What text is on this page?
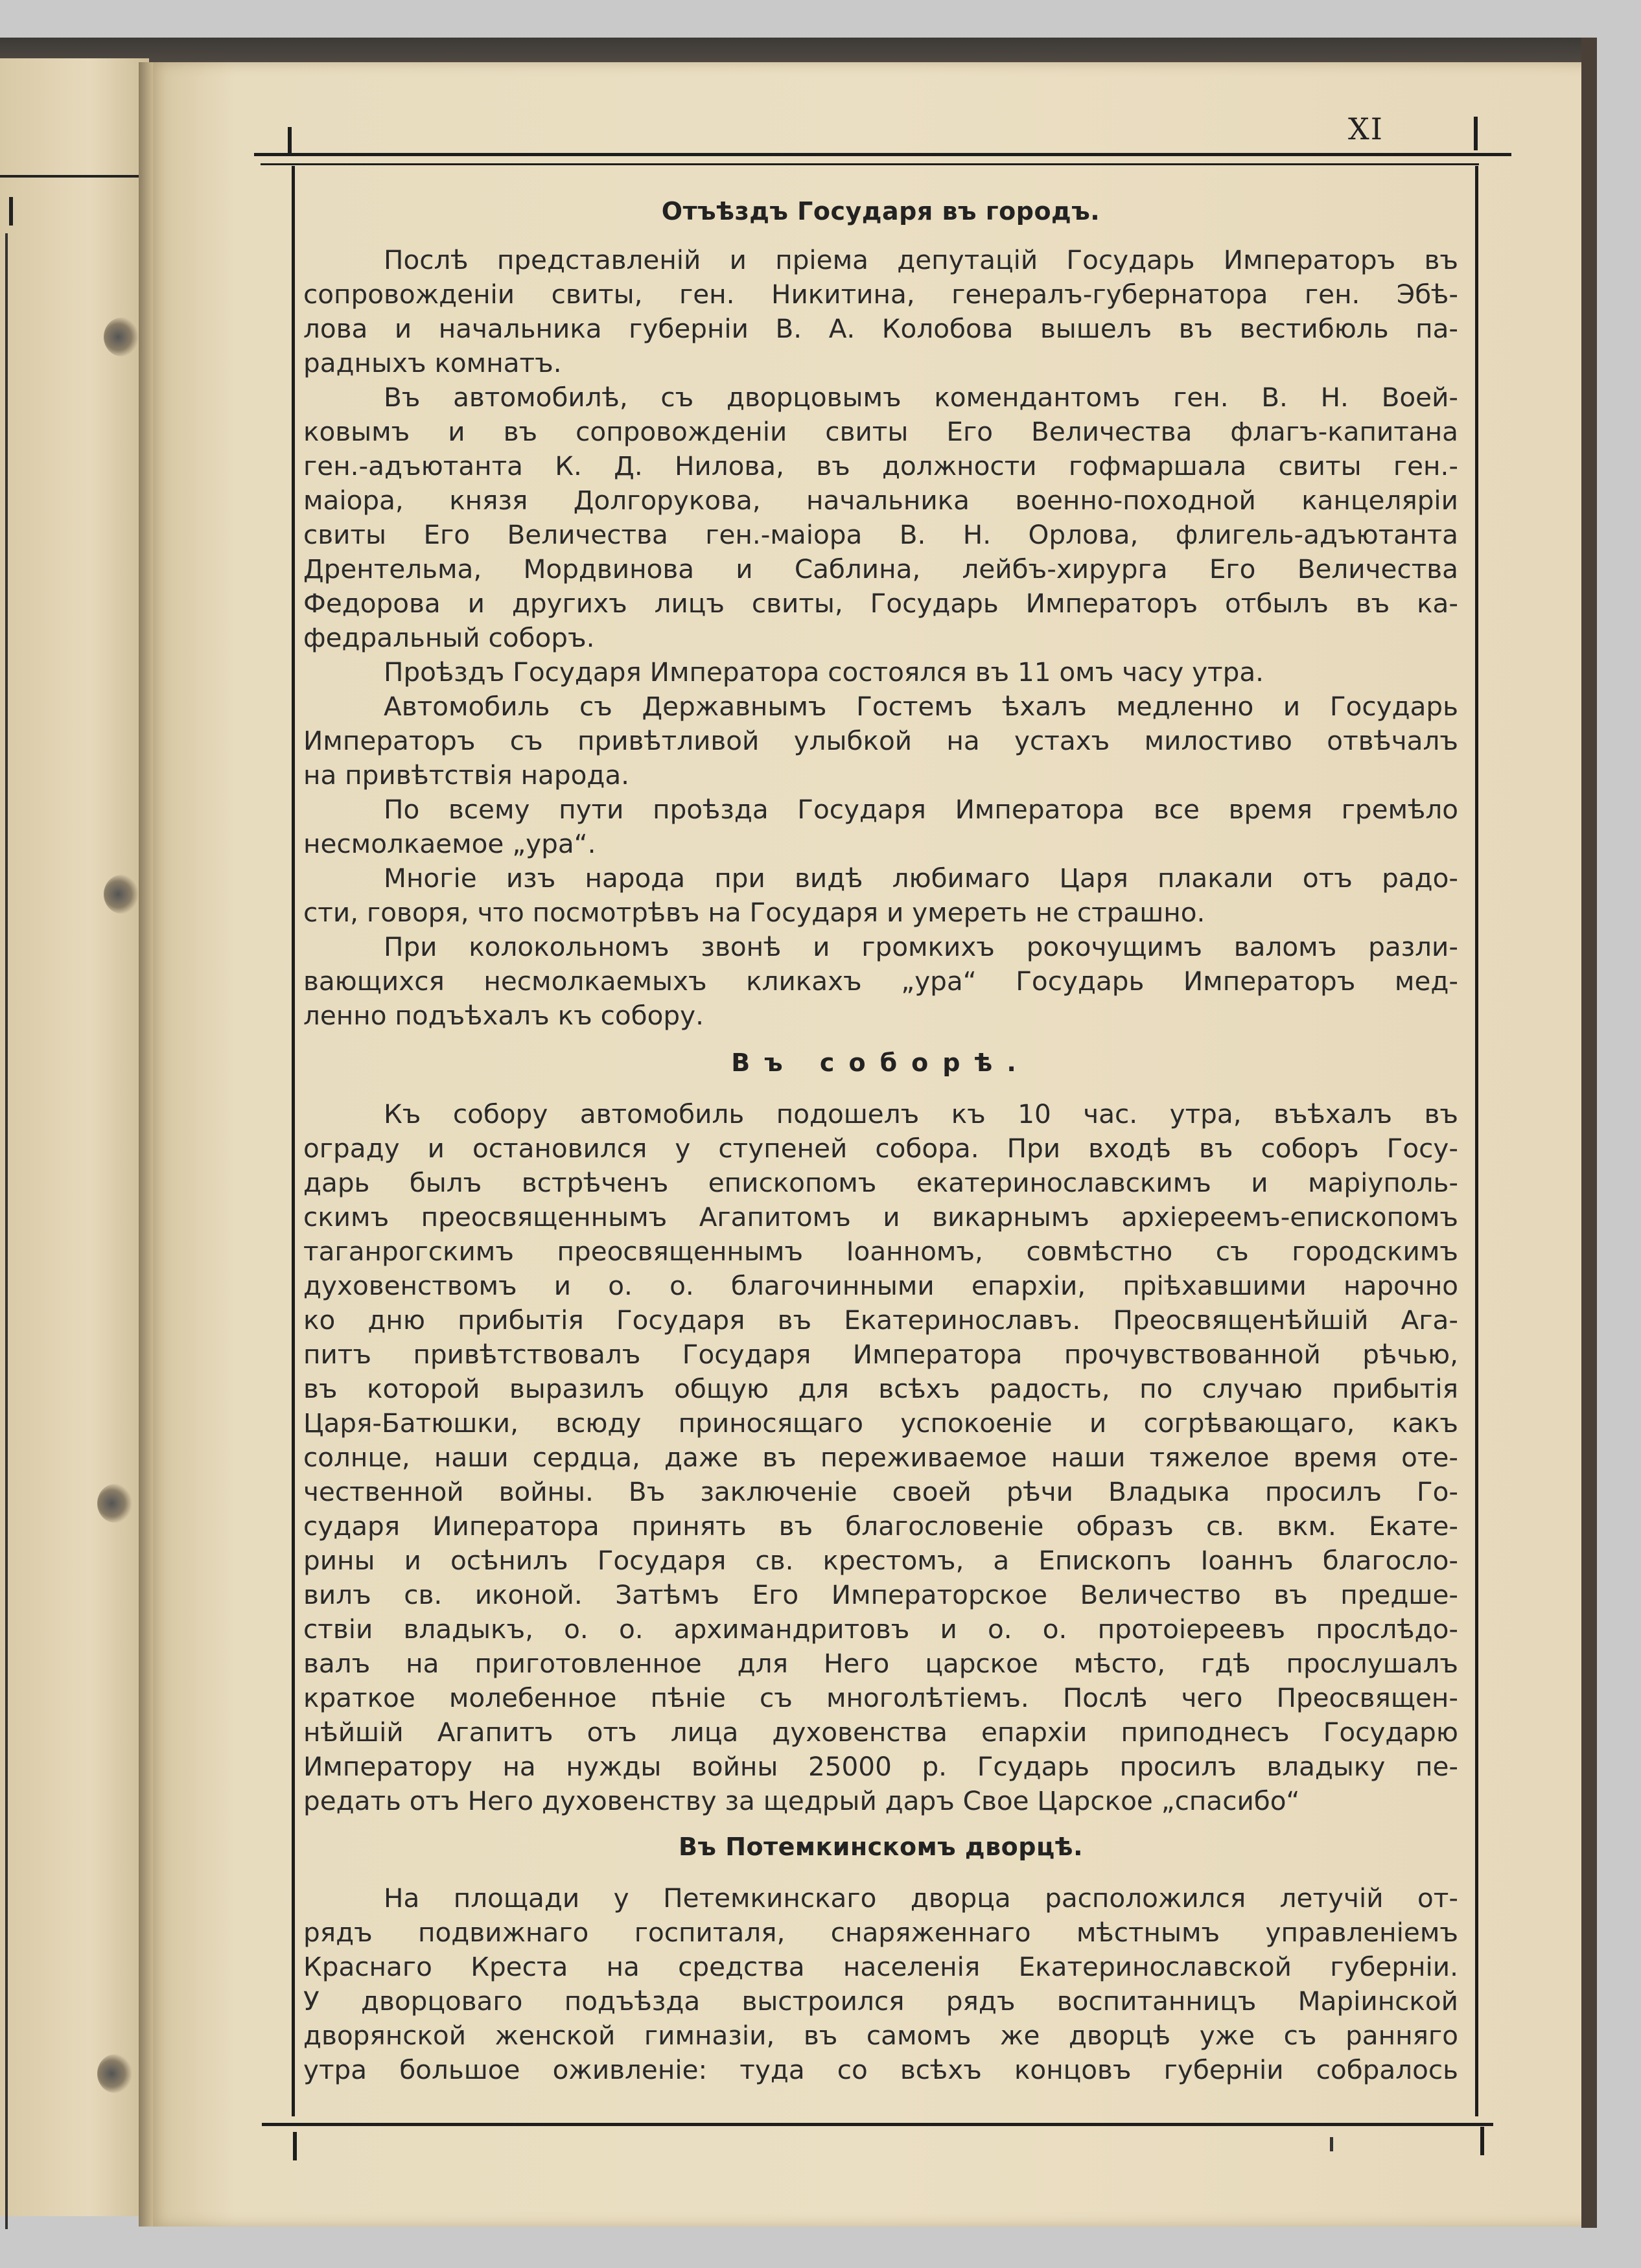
XI
Отъѣздъ Государя въ городъ.

Послѣ представленій и пріема депутацій Государь Императоръ въ
сопровожденіи свиты, ген. Никитина, генералъ-губернатора ген. Эбѣ-
лова и начальника губерніи В. А. Колобова вышелъ въ вестибюль па-
радныхъ комнатъ.

Въ автомобилѣ, съ дворцовымъ комендантомъ ген. В. Н. Воей-
ковымъ и въ сопровожденіи свиты Его Величества флагъ-капитана
ген.-адъютанта К. Д. Нилова, въ должности гофмаршала свиты ген.-
маіора, князя Долгорукова, начальника военно-походной канцеляріи
свиты Его Величества ген.-маіора В. Н. Орлова, флигель-адъютанта
Дрентельма, Мордвинова и Саблина, лейбъ-хирурга Его Величества
Федорова и другихъ лицъ свиты, Государь Императоръ отбылъ въ ка-
федральный соборъ.

Проѣздъ Государя Императора состоялся въ 11 омъ часу утра.

Автомобиль съ Державнымъ Гостемъ ѣхалъ медленно и Государь
Императоръ съ привѣтливой улыбкой на устахъ милостиво отвѣчалъ
на привѣтствія народа.

По всему пути проѣзда Государя Императора все время гремѣло
несмолкаемое „ура“.

Многіе изъ народа при видѣ любимаго Царя плакали отъ радо-
сти, говоря, что посмотрѣвъ на Государя и умереть не страшно.

При колокольномъ звонѣ и громкихъ рокочущимъ валомъ разли-
вающихся несмолкаемыхъ кликахъ „ура“ Государь Императоръ мед-
ленно подъѣхалъ къ собору.

Въ соборѣ.

Къ собору автомобиль подошелъ къ 10 час. утра, въѣхалъ въ
ограду и остановился у ступеней собора. При входѣ въ соборъ Госу-
дарь былъ встрѣченъ епископомъ екатеринославскимъ и маріуполь-
скимъ преосвященнымъ Агапитомъ и викарнымъ архіереемъ-епископомъ
таганрогскимъ преосвященнымъ Іоанномъ, совмѣстно съ городскимъ
духовенствомъ и о. о. благочинными епархіи, пріѣхавшими нарочно
ко дню прибытія Государя въ Екатеринославъ. Преосвященѣйшій Ага-
питъ привѣтствовалъ Государя Императора прочувствованной рѣчью,
въ которой выразилъ общую для всѣхъ радость, по случаю прибытія
Царя-Батюшки, всюду приносящаго успокоеніе и согрѣвающаго, какъ
солнце, наши сердца, даже въ переживаемое наши тяжелое время оте-
чественной войны. Въ заключеніе своей рѣчи Владыка просилъ Го-
сударя Ииператора принять въ благословеніе образъ св. вкм. Екате-
рины и осѣнилъ Государя св. крестомъ, а Епископъ Іоаннъ благосло-
вилъ св. иконой. Затѣмъ Его Императорское Величество въ предше-
ствіи владыкъ, о. о. архимандритовъ и о. о. протоіереевъ прослѣдо-
валъ на приготовленное для Него царское мѣсто, гдѣ прослушалъ
краткое молебенное пѣніе съ многолѣтіемъ. Послѣ чего Преосвящен-
нѣйшій Агапитъ отъ лица духовенства епархіи приподнесъ Государю
Императору на нужды войны 25000 р. Гсударь просилъ владыку пе-
редать отъ Него духовенству за щедрый даръ Свое Царское „спасибо“

Въ Потемкинскомъ дворцѣ.

На площади у Петемкинскаго дворца расположился летучій от-
рядъ подвижнаго госпиталя, снаряженнаго мѣстнымъ управленіемъ
Краснаго Креста на средства населенія Екатеринославской губерніи.
У дворцоваго подъѣзда выстроился рядъ воспитанницъ Маріинской
дворянской женской гимназіи, въ самомъ же дворцѣ уже съ ранняго
утра большое оживленіе: туда со всѣхъ концовъ губерніи собралось
